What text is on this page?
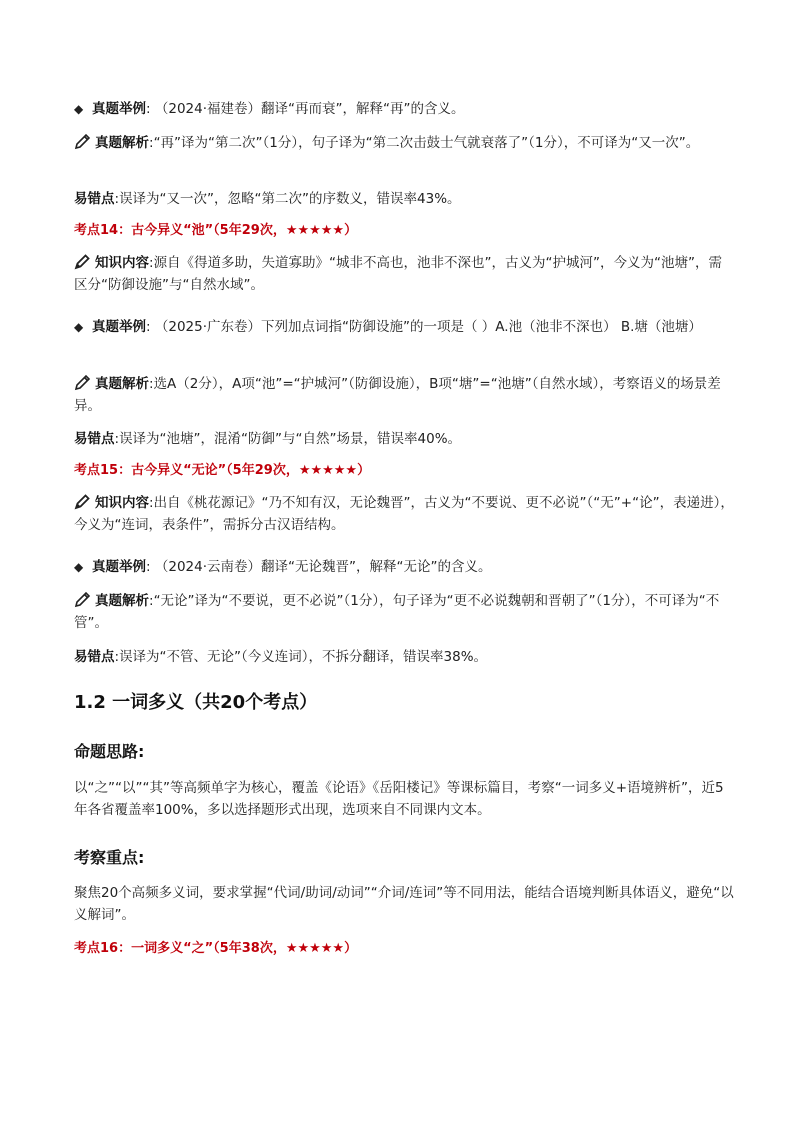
◆ 真题举例: （2024·福建卷）翻译“再而衰”，解释“再”的含义。
真题解析:“再”译为“第二次”（1分），句子译为“第二次击鼓士气就衰落了”（1分），不可译为“又一次”。
易错点:误译为“又一次”，忽略“第二次”的序数义，错误率43%。
考点14：古今异义“池”（5年29次，★★★★★）
知识内容:源自《得道多助，失道寡助》“城非不高也，池非不深也”，古义为“护城河”，今义为“池塘”，需区分“防御设施”与“自然水域”。
◆ 真题举例: （2025·广东卷）下列加点词指“防御设施”的一项是（ ）A.池（池非不深也） B.塘（池塘）
真题解析:选A（2分），A项“池”=“护城河”（防御设施），B项“塘”=“池塘”（自然水域），考察语义的场景差异。
易错点:误译为“池塘”，混淆“防御”与“自然”场景，错误率40%。
考点15：古今异义“无论”（5年29次，★★★★★）
知识内容:出自《桃花源记》“乃不知有汉，无论魏晋”，古义为“不要说、更不必说”（“无”+“论”，表递进），今义为“连词，表条件”，需拆分古汉语结构。
◆ 真题举例: （2024·云南卷）翻译“无论魏晋”，解释“无论”的含义。
真题解析:“无论”译为“不要说，更不必说”（1分），句子译为“更不必说魏朝和晋朝了”（1分），不可译为“不管”。
易错点:误译为“不管、无论”（今义连词），不拆分翻译，错误率38%。
1.2 一词多义（共20个考点）
命题思路:
以“之”“以”“其”等高频单字为核心，覆盖《论语》《岳阳楼记》等课标篇目，考察“一词多义+语境辨析”，近5年各省覆盖率100%，多以选择题形式出现，选项来自不同课内文本。
考察重点:
聚焦20个高频多义词，要求掌握“代词/助词/动词”“介词/连词”等不同用法，能结合语境判断具体语义，避免“以义解词”。
考点16：一词多义“之”（5年38次，★★★★★）
